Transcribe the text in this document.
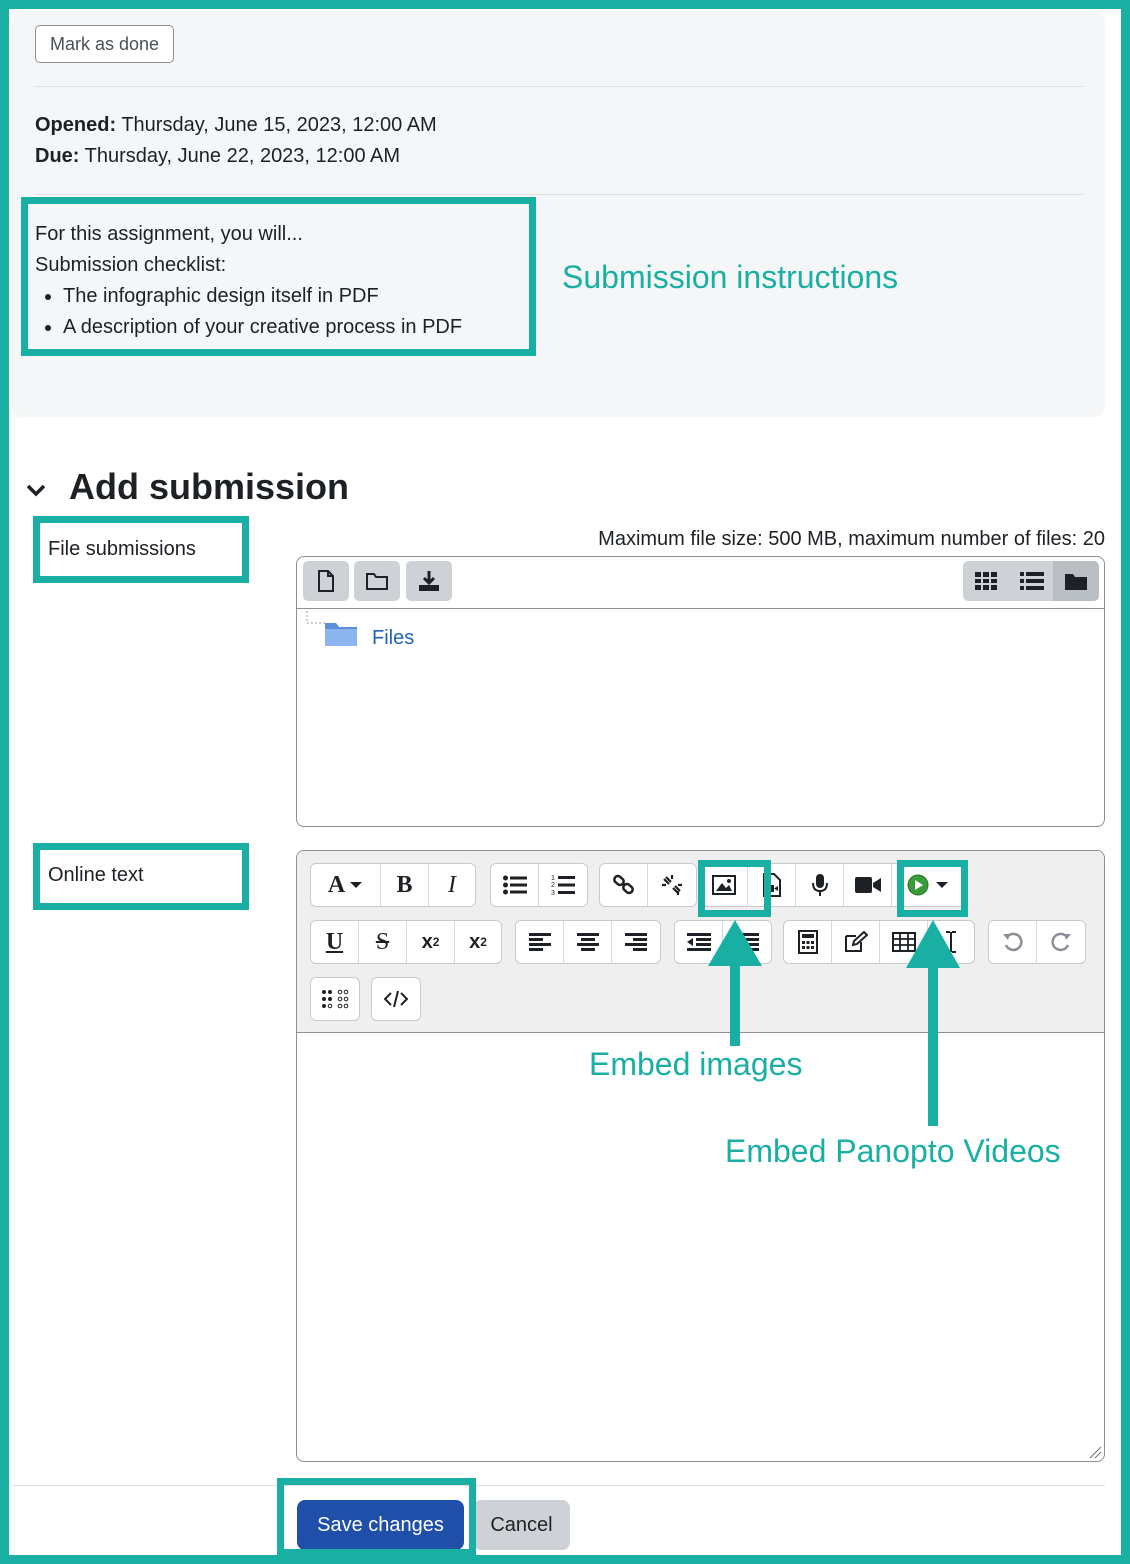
Mark as done
Opened: Thursday, June 15, 2023, 12:00 AM
Due: Thursday, June 22, 2023, 12:00 AM
For this assignment, you will...
Submission checklist:
• The infographic design itself in PDF
• A description of your creative process in PDF
Submission instructions
Add submission
File submissions	Maximum file size: 500 MB, maximum number of files: 20
Files
Online text	A	B	I	1
2
3
U	S	x 2	x 2
Embed images
Embed Panopto Videos
Save changes	Cancel
